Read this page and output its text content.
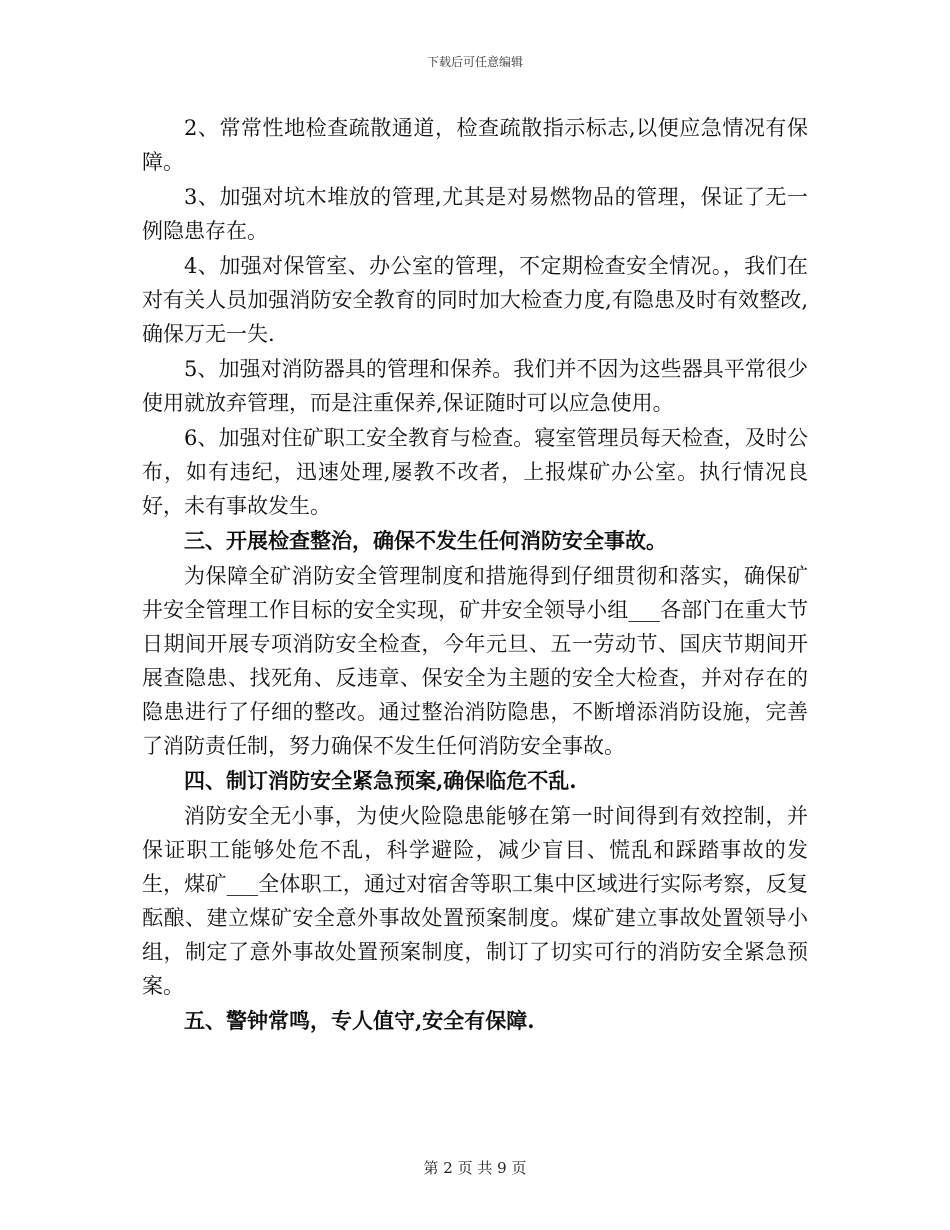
下载后可任意编辑

2、常常性地检查疏散通道，检查疏散指示标志,以便应急情况有保障。

3、加强对坑木堆放的管理,尤其是对易燃物品的管理，保证了无一例隐患存在。

4、加强对保管室、办公室的管理，不定期检查安全情况。，我们在对有关人员加强消防安全教育的同时加大检查力度,有隐患及时有效整改,确保万无一失.

5、加强对消防器具的管理和保养。我们并不因为这些器具平常很少使用就放弃管理，而是注重保养,保证随时可以应急使用。

6、加强对住矿职工安全教育与检查。寝室管理员每天检查，及时公布，如有违纪，迅速处理,屡教不改者，上报煤矿办公室。执行情况良好，未有事故发生。

三、开展检查整治，确保不发生任何消防安全事故。

为保障全矿消防安全管理制度和措施得到仔细贯彻和落实，确保矿井安全管理工作目标的安全实现，矿井安全领导小组___各部门在重大节日期间开展专项消防安全检查，今年元旦、五一劳动节、国庆节期间开展查隐患、找死角、反违章、保安全为主题的安全大检查，并对存在的隐患进行了仔细的整改。通过整治消防隐患，不断增添消防设施，完善了消防责任制，努力确保不发生任何消防安全事故。

四、制订消防安全紧急预案,确保临危不乱.

消防安全无小事，为使火险隐患能够在第一时间得到有效控制，并保证职工能够处危不乱，科学避险，减少盲目、慌乱和踩踏事故的发生，煤矿___全体职工，通过对宿舍等职工集中区域进行实际考察，反复酝酿、建立煤矿安全意外事故处置预案制度。煤矿建立事故处置领导小组，制定了意外事故处置预案制度，制订了切实可行的消防安全紧急预案。

五、警钟常鸣，专人值守,安全有保障.

第 2 页 共 9 页
